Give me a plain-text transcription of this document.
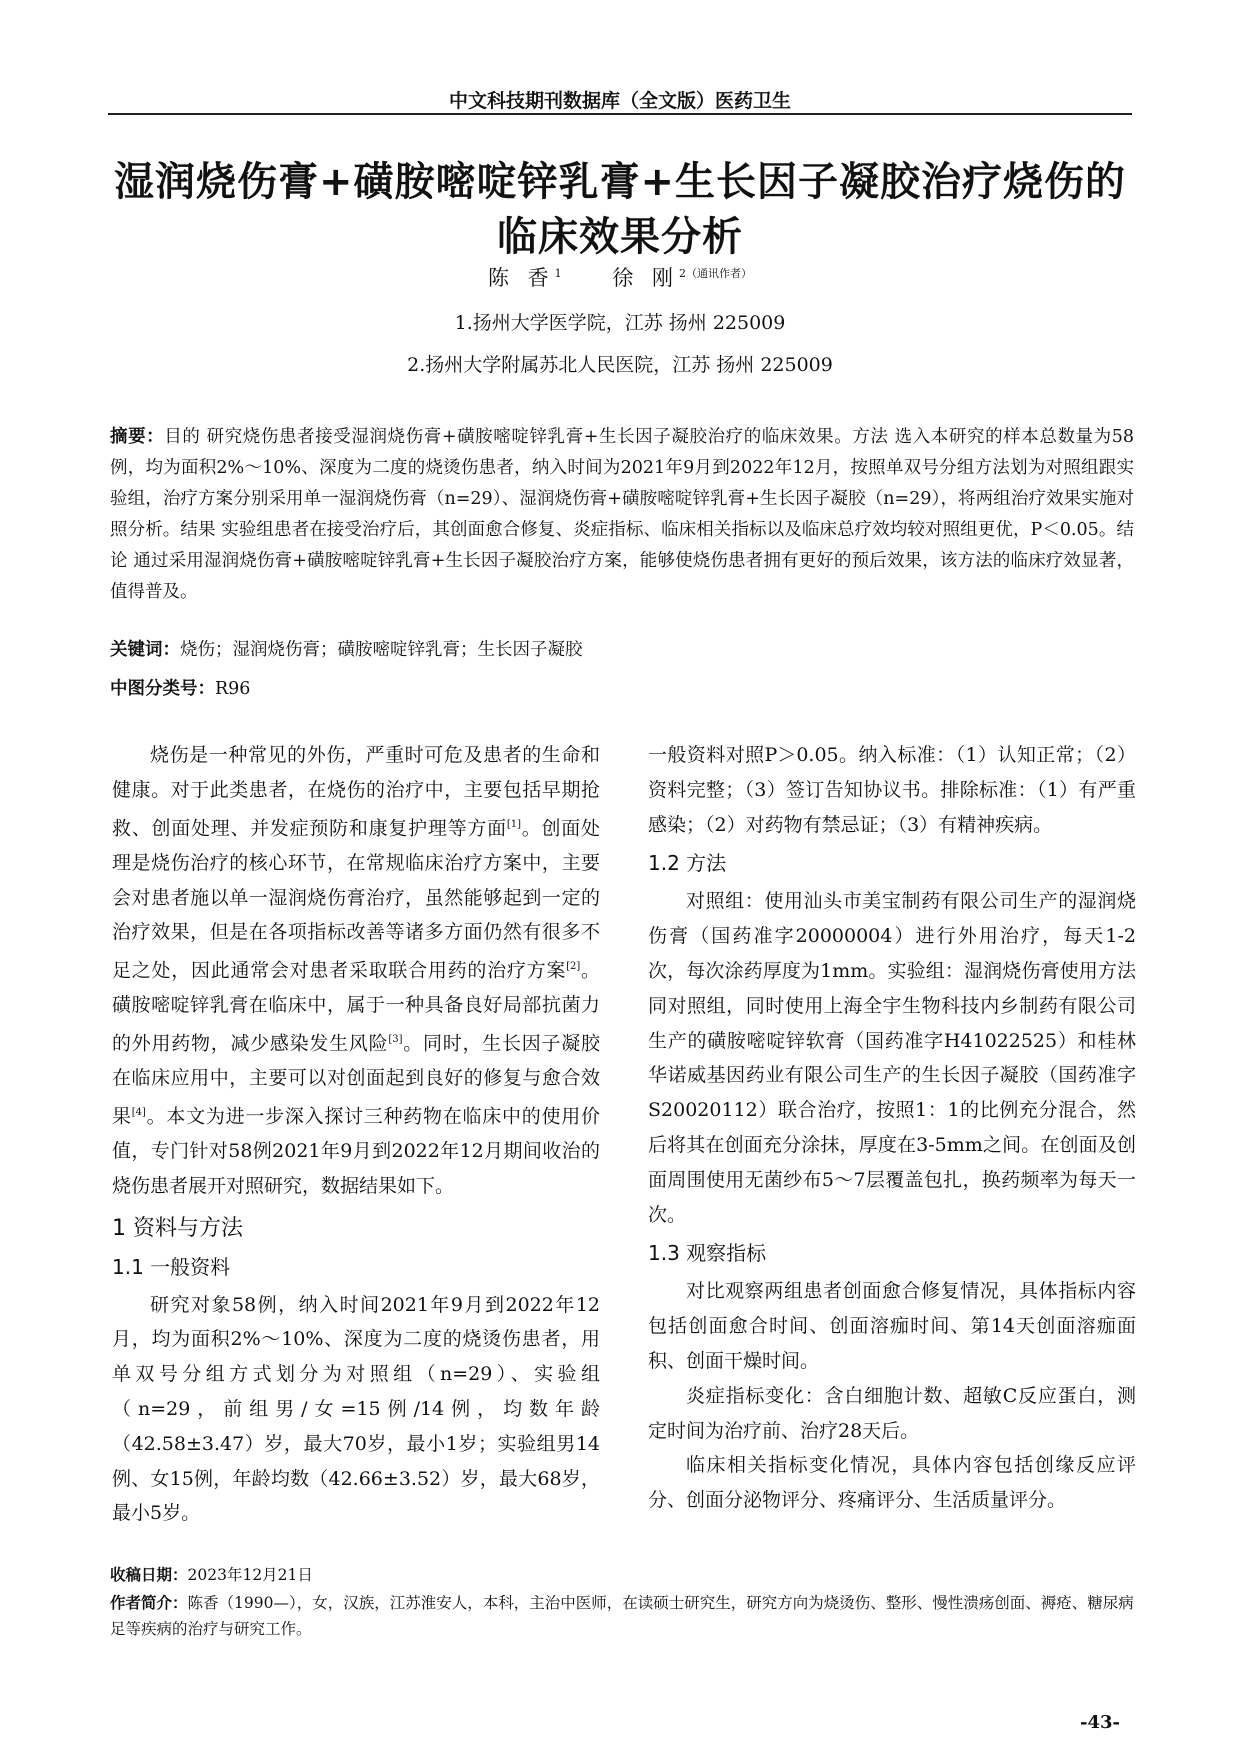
中文科技期刊数据库（全文版）医药卫生
湿润烧伤膏+磺胺嘧啶锌乳膏+生长因子凝胶治疗烧伤的
临床效果分析
陈 香$^1$ 徐 刚$^{2(通讯作者)}$
1.扬州大学医学院，江苏 扬州 225009
2.扬州大学附属苏北人民医院，江苏 扬州 225009
摘要：目的 研究烧伤患者接受湿润烧伤膏+磺胺嘧啶锌乳膏+生长因子凝胶治疗的临床效果。方法 选入本研究的样本总数量为58例，均为面积2%～10%、深度为二度的烧烫伤患者，纳入时间为2021年9月到2022年12月，按照单双号分组方法划为对照组跟实验组，治疗方案分别采用单一湿润烧伤膏（n=29）、湿润烧伤膏+磺胺嘧啶锌乳膏+生长因子凝胶（n=29），将两组治疗效果实施对照分析。结果 实验组患者在接受治疗后，其创面愈合修复、炎症指标、临床相关指标以及临床总疗效均较对照组更优，P＜0.05。结论 通过采用湿润烧伤膏+磺胺嘧啶锌乳膏+生长因子凝胶治疗方案，能够使烧伤患者拥有更好的预后效果，该方法的临床疗效显著，值得普及。
关键词：烧伤；湿润烧伤膏；磺胺嘧啶锌乳膏；生长因子凝胶
中图分类号：R96

烧伤是一种常见的外伤，严重时可危及患者的生命和健康。对于此类患者，在烧伤的治疗中，主要包括早期抢救、创面处理、并发症预防和康复护理等方面[1]。创面处理是烧伤治疗的核心环节，在常规临床治疗方案中，主要会对患者施以单一湿润烧伤膏治疗，虽然能够起到一定的治疗效果，但是在各项指标改善等诸多方面仍然有很多不足之处，因此通常会对患者采取联合用药的治疗方案[2]。磺胺嘧啶锌乳膏在临床中，属于一种具备良好局部抗菌力的外用药物，减少感染发生风险[3]。同时，生长因子凝胶在临床应用中，主要可以对创面起到良好的修复与愈合效果[4]。本文为进一步深入探讨三种药物在临床中的使用价值，专门针对58例2021年9月到2022年12月期间收治的烧伤患者展开对照研究，数据结果如下。

1 资料与方法
1.1 一般资料

研究对象58例，纳入时间2021年9月到2022年12月，均为面积2%～10%、深度为二度的烧烫伤患者，用单双号分组方式划分为对照组（n=29）、实验组（n=29，前组男/女=15例/14例，均数年龄（42.58±3.47）岁，最大70岁，最小1岁；实验组男14例、女15例，年龄均数（42.66±3.52）岁，最大68岁，最小5岁。

一般资料对照P＞0.05。纳入标准：（1）认知正常；（2）资料完整；（3）签订告知协议书。排除标准：（1）有严重感染；（2）对药物有禁忌证；（3）有精神疾病。

1.2 方法

对照组：使用汕头市美宝制药有限公司生产的湿润烧伤膏（国药准字20000004）进行外用治疗，每天1-2次，每次涂药厚度为1mm。实验组：湿润烧伤膏使用方法同对照组，同时使用上海全宇生物科技内乡制药有限公司生产的磺胺嘧啶锌软膏（国药准字H41022525）和桂林华诺威基因药业有限公司生产的生长因子凝胶（国药准字S20020112）联合治疗，按照1：1的比例充分混合，然后将其在创面充分涂抹，厚度在3-5mm之间。在创面及创面周围使用无菌纱布5～7层覆盖包扎，换药频率为每天一次。

1.3 观察指标

对比观察两组患者创面愈合修复情况，具体指标内容包括创面愈合时间、创面溶痂时间、第14天创面溶痂面积、创面干燥时间。

炎症指标变化：含白细胞计数、超敏C反应蛋白，测定时间为治疗前、治疗28天后。

临床相关指标变化情况，具体内容包括创缘反应评分、创面分泌物评分、疼痛评分、生活质量评分。

收稿日期：2023年12月21日
作者简介：陈香（1990—），女，汉族，江苏淮安人，本科，主治中医师，在读硕士研究生，研究方向为烧烫伤、整形、慢性溃疡创面、褥疮、糖尿病足等疾病的治疗与研究工作。
-43-
